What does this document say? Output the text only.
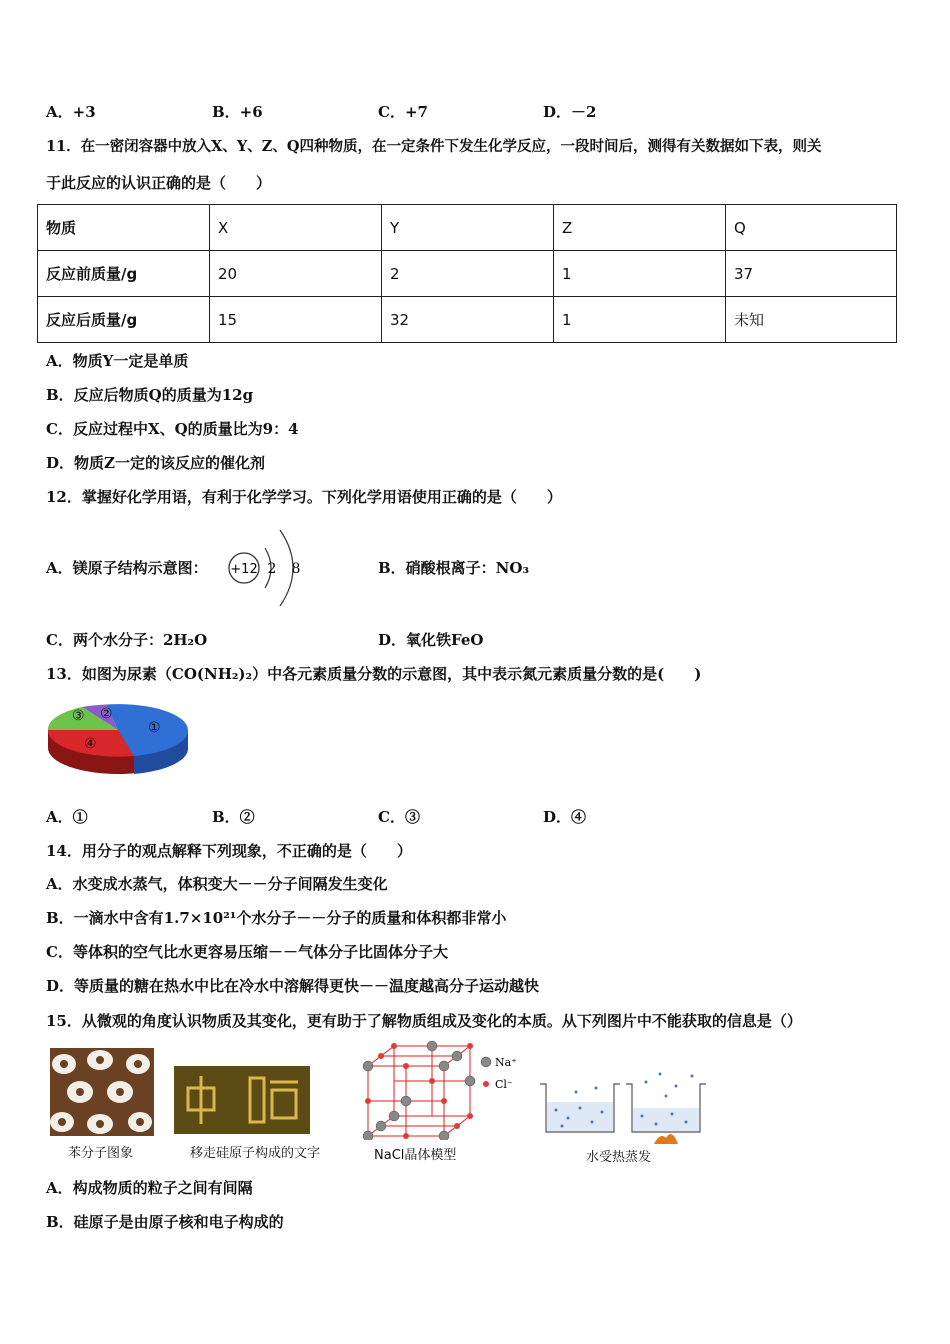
A．+3	B．+6	C．+7	D．－2
11．在一密闭容器中放入X、Y、Z、Q四种物质，在一定条件下发生化学反应，一段时间后，测得有关数据如下表，则关
于此反应的认识正确的是（　　）
物质	X	Y	Z	Q
反应前质量/g	20	2	1	37
反应后质量/g	15	32	1	未知
A．物质Y一定是单质
B．反应后物质Q的质量为12g
C．反应过程中X、Q的质量比为9：4
D．物质Z一定的该反应的催化剂
12．掌握好化学用语，有利于化学学习。下列化学用语使用正确的是（　　）
A．镁原子结构示意图： +12 2 8	B．硝酸根离子：NO₃
C．两个水分子：2H₂O	D．氧化铁FeO
13．如图为尿素（CO(NH₂)₂）中各元素质量分数的示意图，其中表示氮元素质量分数的是(　　)
①
②
③
④
A．①	B．②	C．③	D．④
14．用分子的观点解释下列现象，不正确的是（　　）
A．水变成水蒸气，体积变大－－分子间隔发生变化
B．一滴水中含有1.7×10²¹个水分子－－分子的质量和体积都非常小
C．等体积的空气比水更容易压缩－－气体分子比固体分子大
D．等质量的糖在热水中比在冷水中溶解得更快－－温度越高分子运动越快
15．从微观的角度认识物质及其变化，更有助于了解物质组成及变化的本质。从下列图片中不能获取的信息是（）
苯分子图象	移走硅原子构成的文字
Na⁺
Cl⁻
NaCl晶体模型	水受热蒸发
A．构成物质的粒子之间有间隔
B．硅原子是由原子核和电子构成的
